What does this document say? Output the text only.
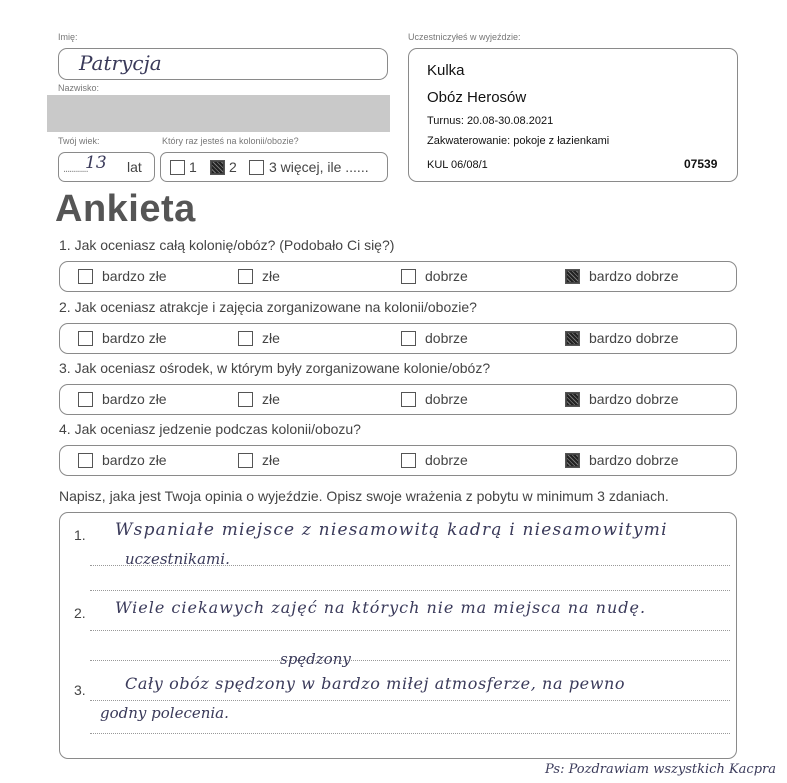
Imię:
Patrycja
Nazwisko:
Twój wiek:	Który raz jesteś na kolonii/obozie?
............
13 lat	1 2 3 więcej, ile ......
Uczestniczyłeś w wyjeździe:
Kulka
Obóz Herosów
Turnus: 20.08-30.08.2021
Zakwaterowanie: pokoje z łazienkami
KUL 06/08/1	07539
Ankieta
1. Jak oceniasz całą kolonię/obóz? (Podobało Ci się?)
bardzo złe	złe	dobrze	bardzo dobrze
2. Jak oceniasz atrakcje i zajęcia zorganizowane na kolonii/obozie?
bardzo złe	złe	dobrze	bardzo dobrze
3. Jak oceniasz ośrodek, w którym były zorganizowane kolonie/obóz?
bardzo złe	złe	dobrze	bardzo dobrze
4. Jak oceniasz jedzenie podczas kolonii/obozu?
bardzo złe	złe	dobrze	bardzo dobrze
Napisz, jaka jest Twoja opinia o wyjeździe. Opisz swoje wrażenia z pobytu w minimum 3 zdaniach.
1. Wspaniałe miejsce z niesamowitą kadrą i niesamowitymi
uczestnikami.
2. Wiele ciekawych zajęć na których nie ma miejsca na nudę.
spędzony
3. Cały obóz spędzony w bardzo miłej atmosferze, na pewno
godny polecenia.
Ps: Pozdrawiam wszystkich Kacpra
